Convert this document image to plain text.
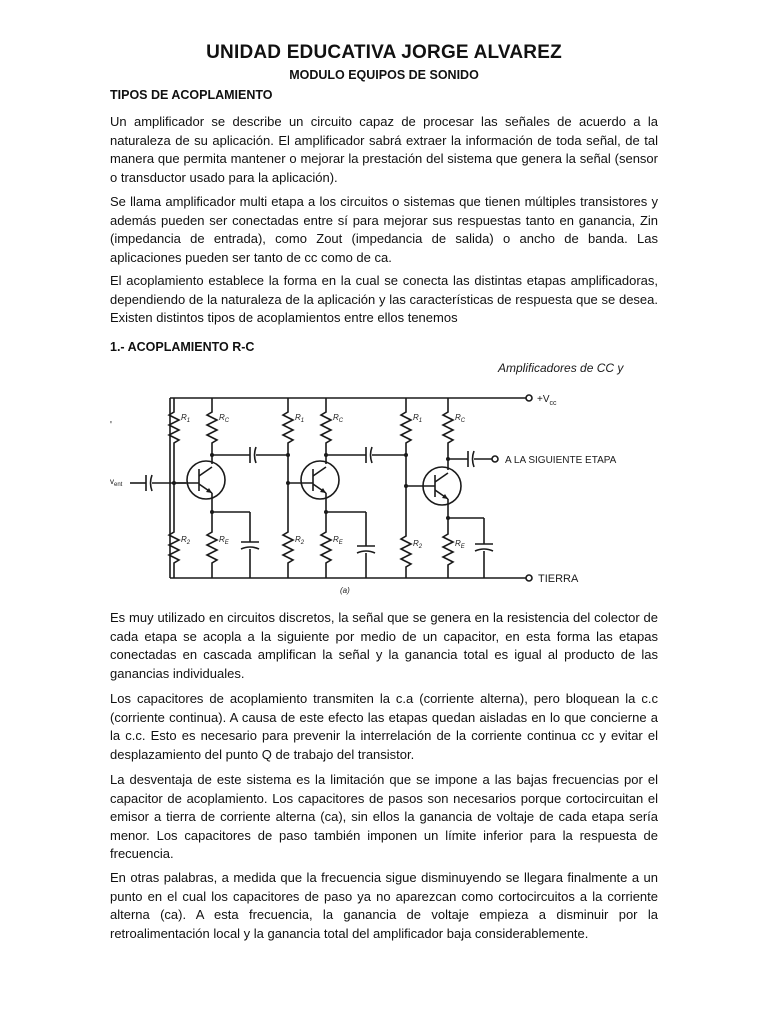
UNIDAD EDUCATIVA JORGE ALVAREZ
MODULO EQUIPOS DE SONIDO
TIPOS DE ACOPLAMIENTO

Un amplificador se describe un circuito capaz de procesar las señales de acuerdo a la naturaleza de su aplicación. El amplificador sabrá extraer la información de toda señal, de tal manera que permita mantener o mejorar la prestación del sistema que genera la señal (sensor o transductor usado para la aplicación).

Se llama amplificador multi etapa a los circuitos o sistemas que tienen múltiples transistores y además pueden ser conectadas entre sí para mejorar sus respuestas tanto en ganancia, Zin (impedancia de entrada), como Zout (impedancia de salida) o ancho de banda. Las aplicaciones pueden ser tanto de cc como de ca.

El acoplamiento establece la forma en la cual se conecta las distintas etapas amplificadoras, dependiendo de la naturaleza de la aplicación y las características de respuesta que se desea. Existen distintos tipos de acoplamientos entre ellos tenemos

1.- ACOPLAMIENTO R-C
Amplificadores de CC y
$+V_{cc}$
TIERRA
(a)
'
$v_{ent}$
$R_1$
$R_2$
$R_C$
$R_E$
$R_1$
$R_2$
$R_C$
$R_E$
$R_1$
$R_2$
$R_C$
$R_E$
A LA SIGUIENTE ETAPA

Es muy utilizado en circuitos discretos, la señal que se genera en la resistencia del colector de cada etapa se acopla a la siguiente por medio de un capacitor, en esta forma las etapas conectadas en cascada amplifican la señal y la ganancia total es igual al producto de las ganancias individuales.

Los capacitores de acoplamiento transmiten la c.a (corriente alterna), pero bloquean la c.c (corriente continua). A causa de este efecto las etapas quedan aisladas en lo que concierne a la c.c. Esto es necesario para prevenir la interrelación de la corriente continua cc y evitar el desplazamiento del punto Q de trabajo del transistor.

La desventaja de este sistema es la limitación que se impone a las bajas frecuencias por el capacitor de acoplamiento. Los capacitores de pasos son necesarios porque cortocircuitan el emisor a tierra de corriente alterna (ca), sin ellos la ganancia de voltaje de cada etapa sería menor. Los capacitores de paso también imponen un límite inferior para la respuesta de frecuencia.

En otras palabras, a medida que la frecuencia sigue disminuyendo se llegara finalmente a un punto en el cual los capacitores de paso ya no aparezcan como cortocircuitos a la corriente alterna (ca). A esta frecuencia, la ganancia de voltaje empieza a disminuir por la retroalimentación local y la ganancia total del amplificador baja considerablemente.
